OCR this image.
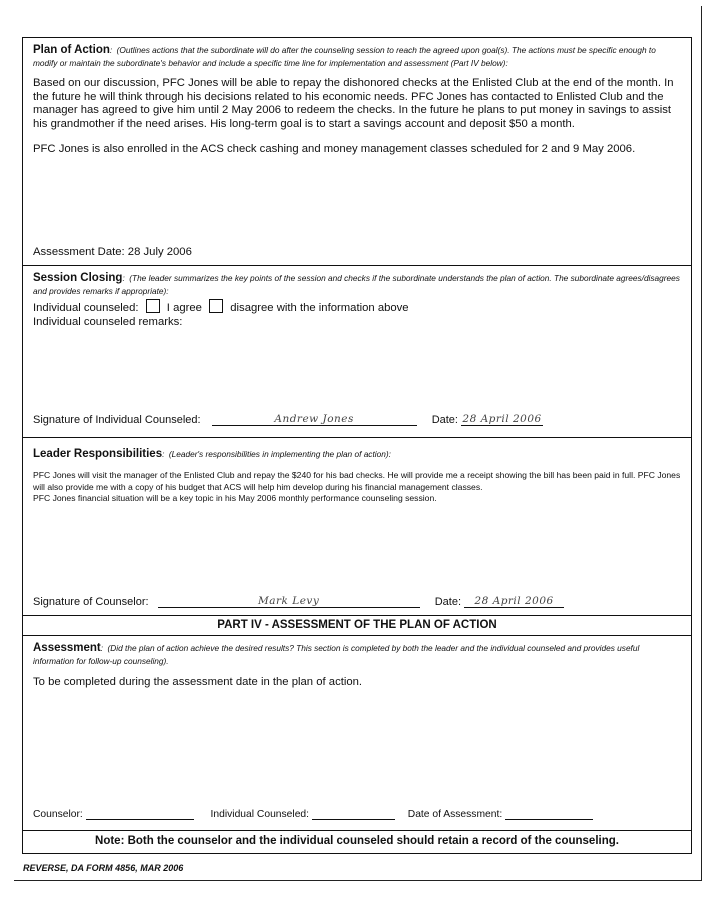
Plan of Action: (Outlines actions that the subordinate will do after the counseling session to reach the agreed upon goal(s). The actions must be specific enough to modify or maintain the subordinate's behavior and include a specific time line for implementation and assessment (Part IV below):
Based on our discussion, PFC Jones will be able to repay the dishonored checks at the Enlisted Club at the end of the month. In the future he will think through his decisions related to his economic needs. PFC Jones has contacted to Enlisted Club and the manager has agreed to give him until 2 May 2006 to redeem the checks. In the future he plans to put money in savings to assist his grandmother if the need arises. His long-term goal is to start a savings account and deposit $50 a month.
PFC Jones is also enrolled in the ACS check cashing and money management classes scheduled for 2 and 9 May 2006.
Assessment Date: 28 July 2006
Session Closing: (The leader summarizes the key points of the session and checks if the subordinate understands the plan of action. The subordinate agrees/disagrees and provides remarks if appropriate):
Individual counseled:	I agree	disagree with the information above
Individual counseled remarks:
Signature of Individual Counseled:	Andrew Jones	Date: 28 April 2006
Leader Responsibilities: (Leader's responsibilities in implementing the plan of action):
PFC Jones will visit the manager of the Enlisted Club and repay the $240 for his bad checks. He will provide me a receipt showing the bill has been paid in full. PFC Jones will also provide me with a copy of his budget that ACS will help him develop during his financial management classes.
PFC Jones financial situation will be a key topic in his May 2006 monthly performance counseling session.
Signature of Counselor:	Mark Levy	Date: 28 April 2006
PART IV - ASSESSMENT OF THE PLAN OF ACTION
Assessment: (Did the plan of action achieve the desired results? This section is completed by both the leader and the individual counseled and provides useful information for follow-up counseling).
To be completed during the assessment date in the plan of action.
Counselor:	Individual Counseled:	Date of Assessment:
Note: Both the counselor and the individual counseled should retain a record of the counseling.
REVERSE, DA FORM 4856, MAR 2006
